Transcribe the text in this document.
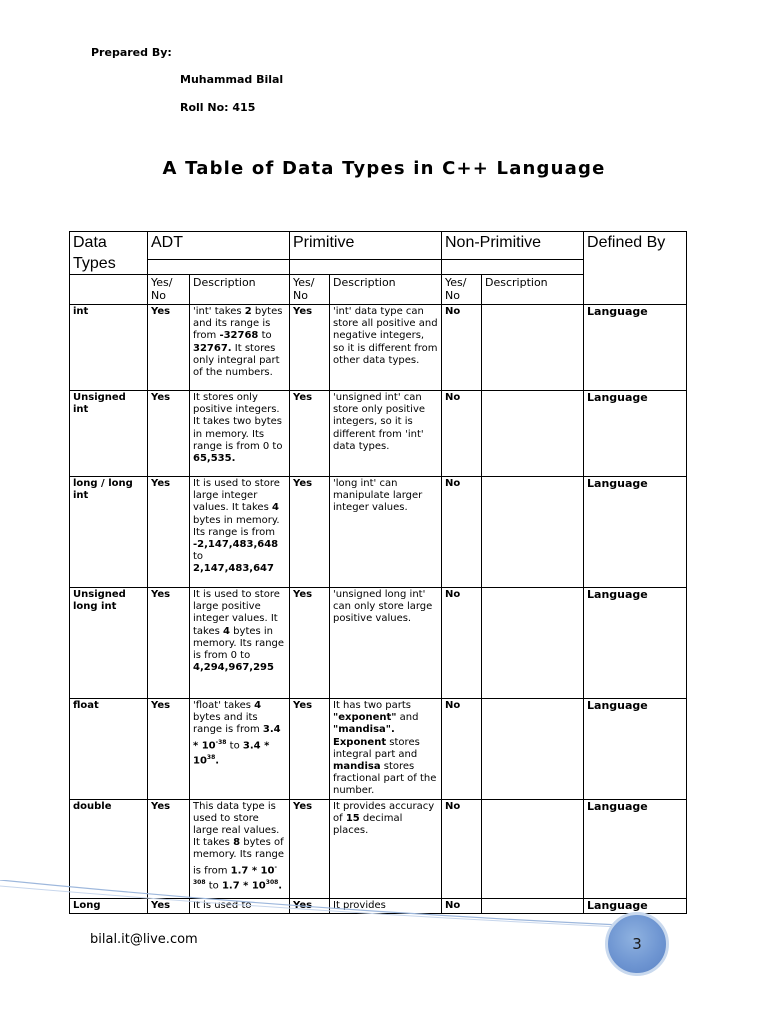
Prepared By:
Muhammad Bilal
Roll No: 415
A Table of Data Types in C++ Language
Data Types	ADT		Primitive		Non-Primitive		Defined By

	Yes/ No	Description	Yes/ No	Description	Yes/ No	Description	
int	Yes	'int' takes 2 bytes and its range is from -32768 to 32767. It stores only integral part of the numbers.	Yes	'int' data type can store all positive and negative integers, so it is different from other data types.	No		Language
Unsigned int	Yes	It stores only positive integers. It takes two bytes in memory. Its range is from 0 to 65,535.	Yes	'unsigned int' can store only positive integers, so it is different from 'int' data types.	No		Language
long / long int	Yes	It is used to store large integer values. It takes 4 bytes in memory. Its range is from -2,147,483,648 to 2,147,483,647	Yes	'long int' can manipulate larger integer values.	No		Language
Unsigned long int	Yes	It is used to store large positive integer values. It takes 4 bytes in memory. Its range is from 0 to 4,294,967,295	Yes	'unsigned long int' can only store large positive values.	No		Language
float	Yes	'float' takes 4 bytes and its range is from $3.4 * 10^{-38}$ to $3.4 * 10^{38}$.	Yes	It has two parts "exponent" and "mandisa". Exponent stores integral part and mandisa stores fractional part of the number.	No		Language
double	Yes	This data type is used to store large real values. It takes 8 bytes of memory. Its range is from $1.7 * 10^{-308}$ to $1.7 * 10^{308}$.	Yes	It provides accuracy of 15 decimal places.	No		Language
Long	Yes	It is used to	Yes	It provides	No		Language
bilal.it@live.com	3
